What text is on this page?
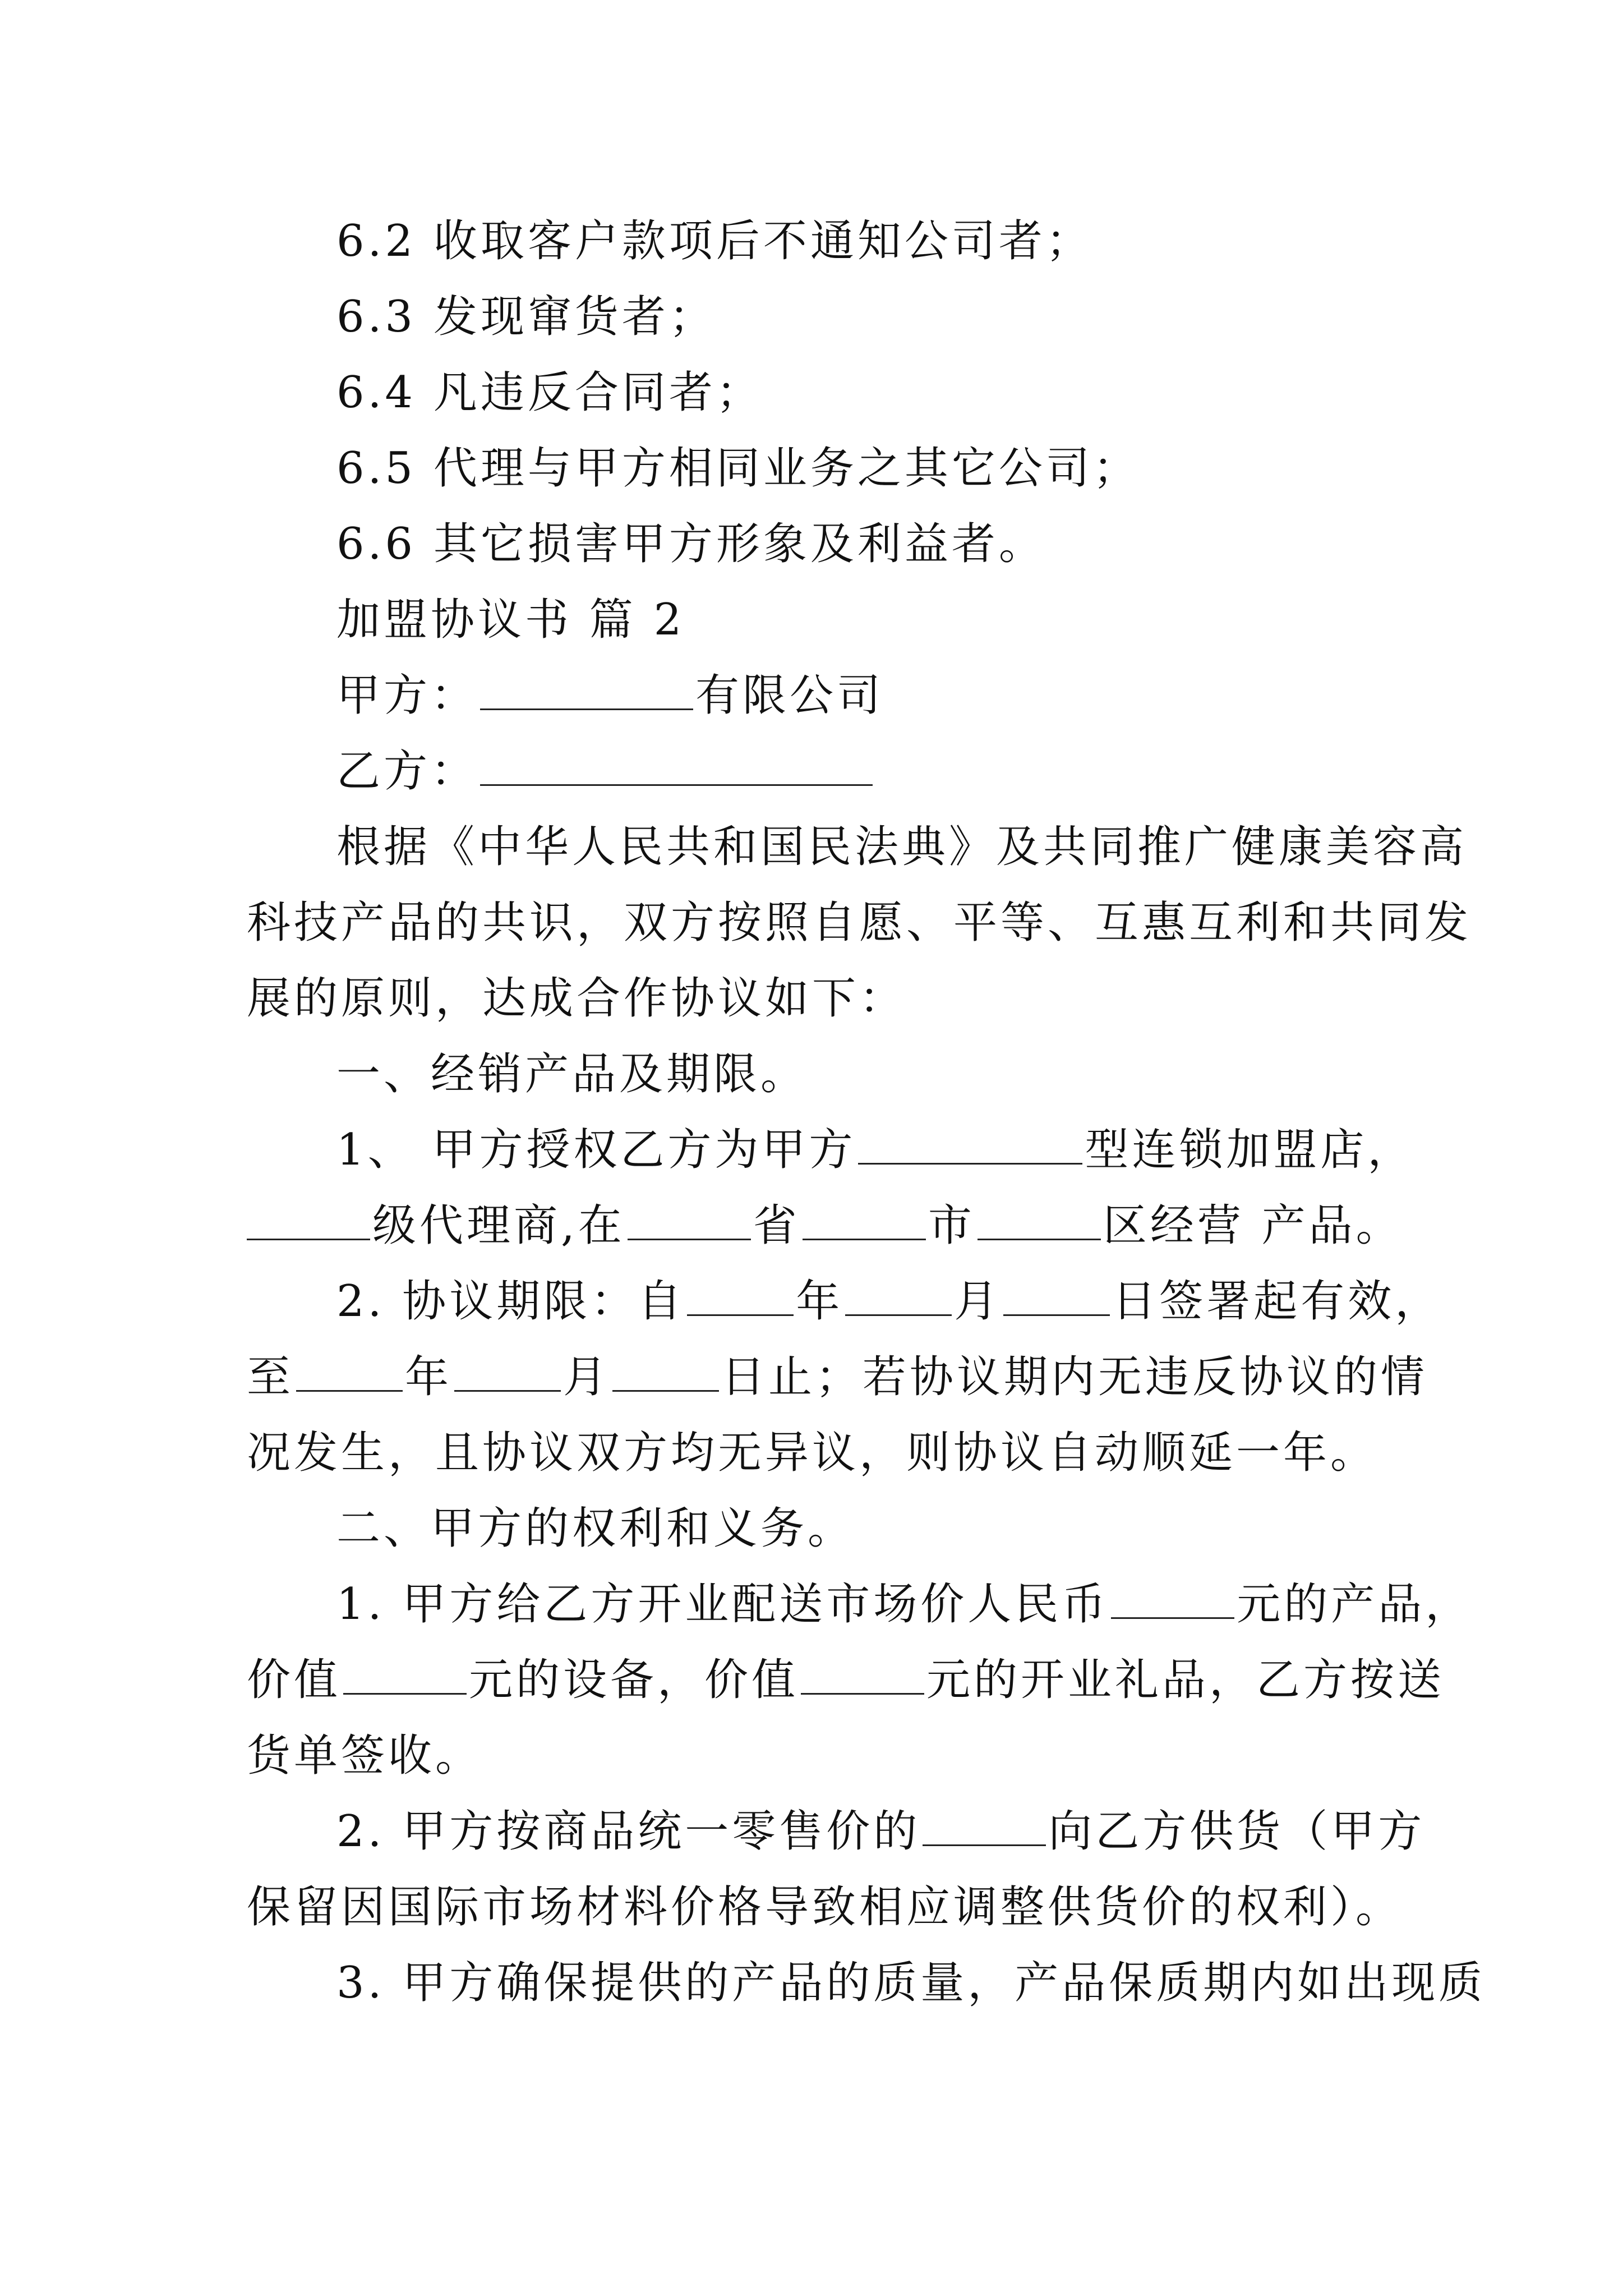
6.2 收取客户款项后不通知公司者；
6.3 发现窜货者；
6.4 凡违反合同者；
6.5 代理与甲方相同业务之其它公司；
6.6 其它损害甲方形象及利益者。
加盟协议书 篇 2
甲方：	有限公司
乙方：
根据《中华人民共和国民法典》及共同推广健康美容高
科技产品的共识，双方按照自愿、平等、互惠互利和共同发
展的原则，达成合作协议如下：
一、经销产品及期限。
1、 甲方授权乙方为甲方	型连锁加盟店，
级代理商,在	省	市	区经营 产品。
2. 协议期限：自	年	月	日签署起有效，
至	年	月	日止；若协议期内无违反协议的情
况发生，且协议双方均无异议，则协议自动顺延一年。
二、甲方的权利和义务。
1. 甲方给乙方开业配送市场价人民币	元的产品，
价值	元的设备，价值	元的开业礼品，乙方按送
货单签收。
2. 甲方按商品统一零售价的	向乙方供货（甲方
保留因国际市场材料价格导致相应调整供货价的权利）。
3. 甲方确保提供的产品的质量，产品保质期内如出现质
